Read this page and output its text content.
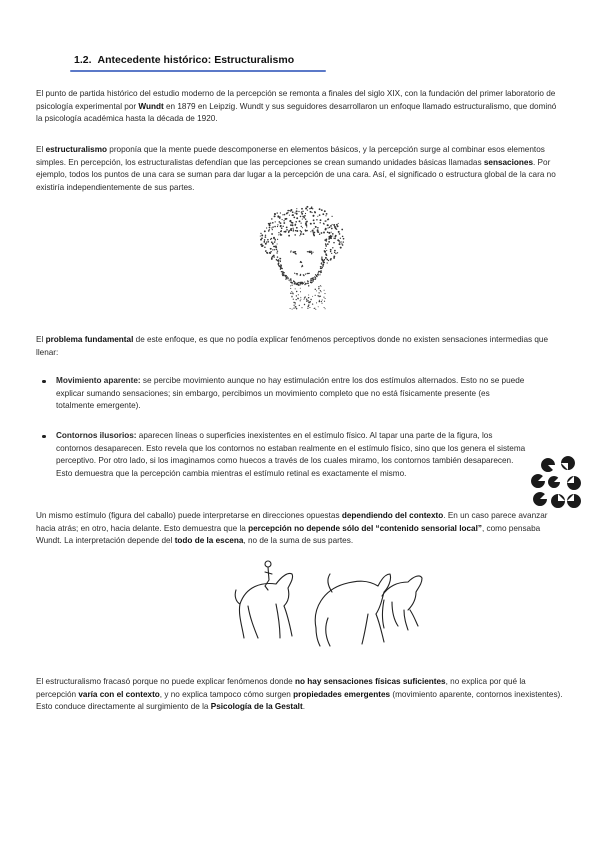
1.2. Antecedente histórico: Estructuralismo

El punto de partida histórico del estudio moderno de la percepción se remonta a finales del siglo XIX, con la fundación del primer laboratorio de psicología experimental por Wundt en 1879 en Leipzig. Wundt y sus seguidores desarrollaron un enfoque llamado estructuralismo, que dominó la psicología académica hasta la década de 1920.

El estructuralismo proponía que la mente puede descomponerse en elementos básicos, y la percepción surge al combinar esos elementos simples. En percepción, los estructuralistas defendían que las percepciones se crean sumando unidades básicas llamadas sensaciones. Por ejemplo, todos los puntos de una cara se suman para dar lugar a la percepción de una cara. Así, el significado o estructura global de la cara no existiría independientemente de sus partes.

El problema fundamental de este enfoque, es que no podía explicar fenómenos perceptivos donde no existen sensaciones intermedias que llenar:

Movimiento aparente: se percibe movimiento aunque no hay estimulación entre los dos estímulos alternados. Esto no se puede explicar sumando sensaciones; sin embargo, percibimos un movimiento completo que no está físicamente presente (es totalmente emergente).
Contornos ilusorios: aparecen líneas o superficies inexistentes en el estímulo físico. Al tapar una parte de la figura, los contornos desaparecen. Esto revela que los contornos no estaban realmente en el estímulo físico, sino que los genera el sistema perceptivo. Por otro lado, si los imaginamos como huecos a través de los cuales miramo, los contornos también desaparecen. Esto demuestra que la percepción cambia mientras el estímulo retinal es exactamente el mismo.

Un mismo estímulo (figura del caballo) puede interpretarse en direcciones opuestas dependiendo del contexto. En un caso parece avanzar hacia atrás; en otro, hacia delante. Esto demuestra que la percepción no depende sólo del “contenido sensorial local”, como pensaba Wundt. La interpretación depende del todo de la escena, no de la suma de sus partes.

El estructuralismo fracasó porque no puede explicar fenómenos donde no hay sensaciones físicas suficientes, no explica por qué la percepción varía con el contexto, y no explica tampoco cómo surgen propiedades emergentes (movimiento aparente, contornos inexistentes). Esto conduce directamente al surgimiento de la Psicología de la Gestalt.
